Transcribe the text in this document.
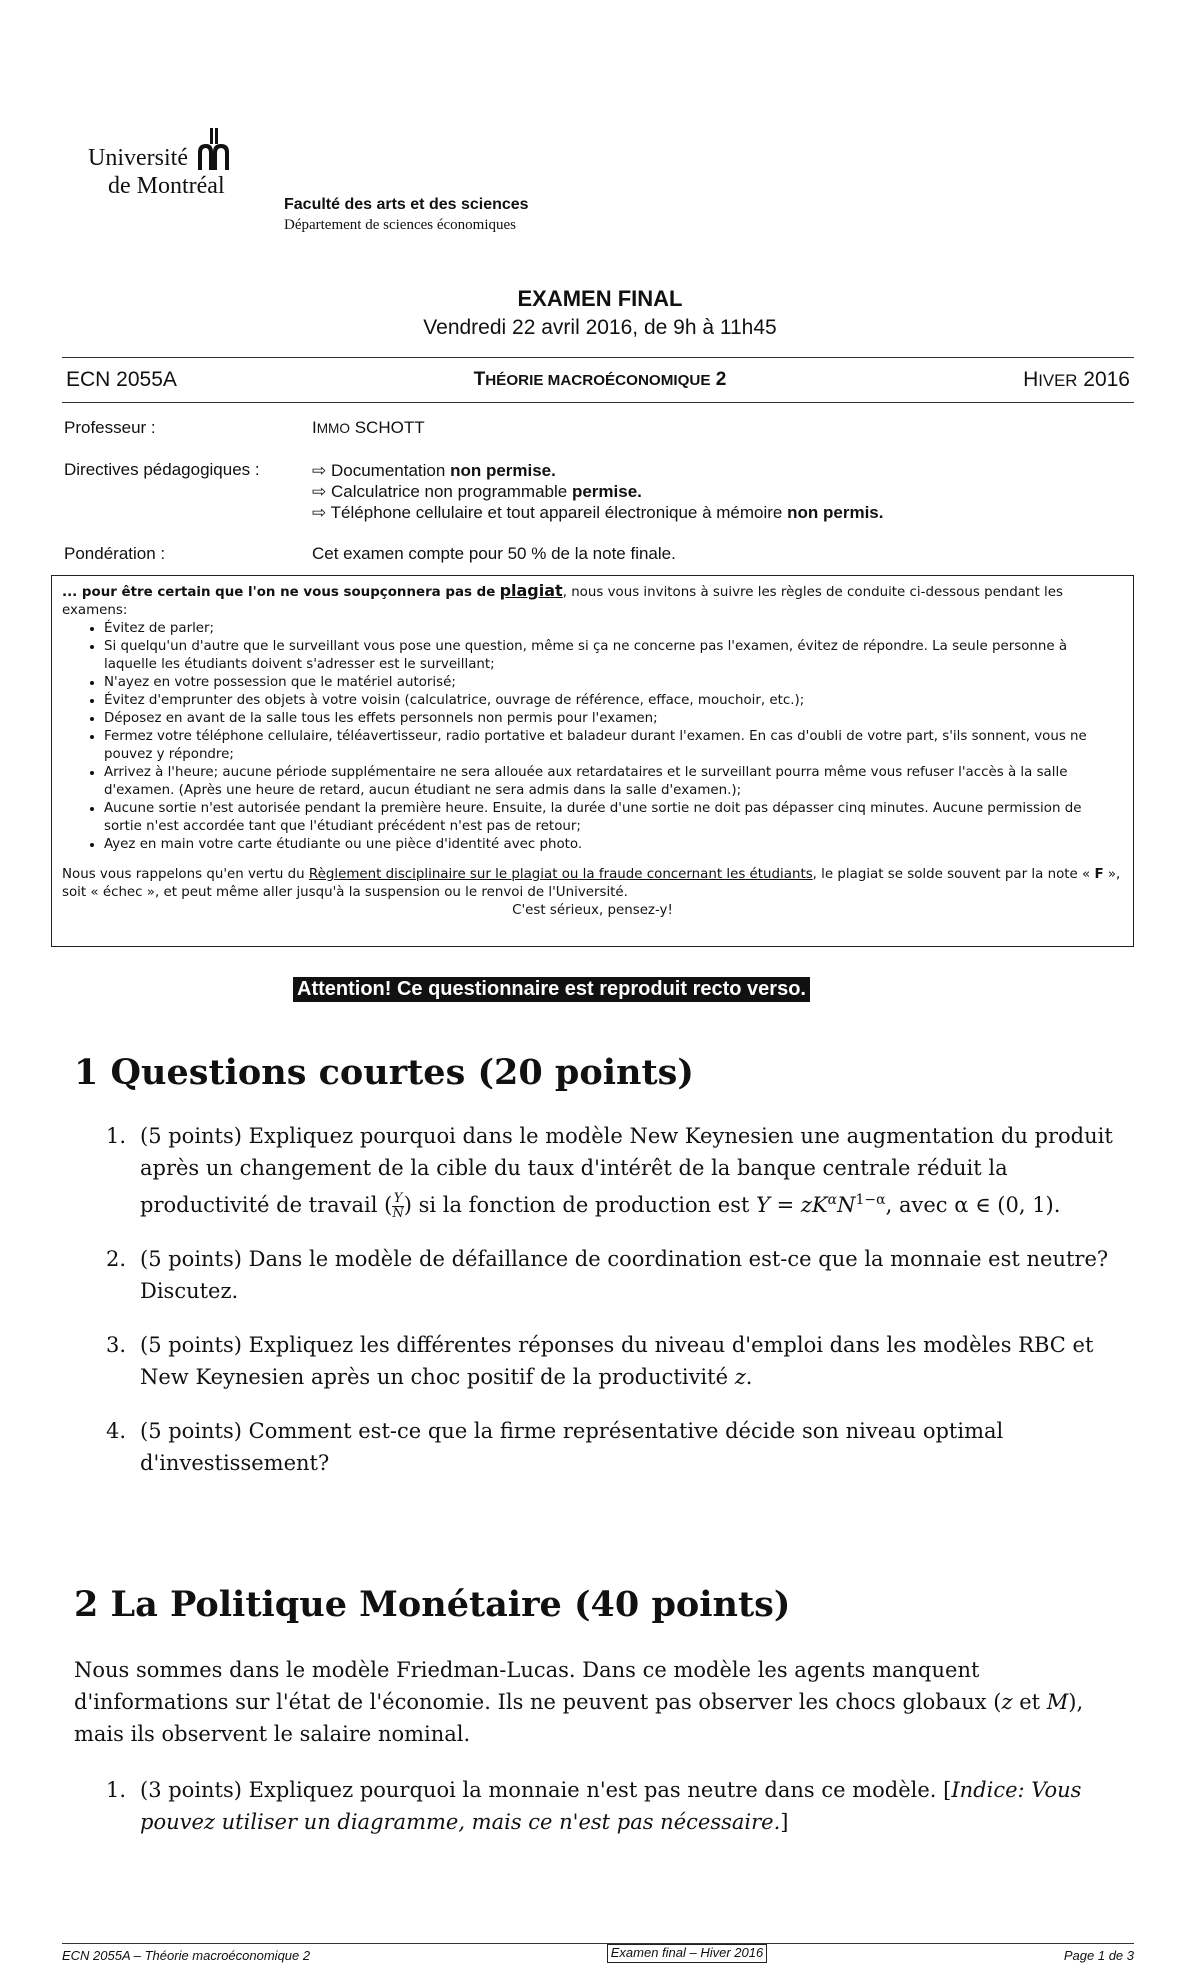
Université
de Montréal
Faculté des arts et des sciences
Département de sciences économiques
EXAMEN FINAL
Vendredi 22 avril 2016, de 9h à 11h45
ECN 2055A	THÉORIE MACROÉCONOMIQUE 2	HIVER 2016
Professeur :	IMMO SCHOTT
Directives pédagogiques :	⇨ Documentation non permise.
⇨ Calculatrice non programmable permise.
⇨ Téléphone cellulaire et tout appareil électronique à mémoire non permis.
Pondération :	Cet examen compte pour 50 % de la note finale.
... pour être certain que l'on ne vous soupçonnera pas de plagiat, nous vous invitons à suivre les règles de conduite ci-dessous pendant les examens:
• Évitez de parler;
• Si quelqu'un d'autre que le surveillant vous pose une question, même si ça ne concerne pas l'examen, évitez de répondre. La seule personne à laquelle les étudiants doivent s'adresser est le surveillant;
• N'ayez en votre possession que le matériel autorisé;
• Évitez d'emprunter des objets à votre voisin (calculatrice, ouvrage de référence, efface, mouchoir, etc.);
• Déposez en avant de la salle tous les effets personnels non permis pour l'examen;
• Fermez votre téléphone cellulaire, téléavertisseur, radio portative et baladeur durant l'examen. En cas d'oubli de votre part, s'ils sonnent, vous ne pouvez y répondre;
• Arrivez à l'heure; aucune période supplémentaire ne sera allouée aux retardataires et le surveillant pourra même vous refuser l'accès à la salle d'examen. (Après une heure de retard, aucun étudiant ne sera admis dans la salle d'examen.);
• Aucune sortie n'est autorisée pendant la première heure. Ensuite, la durée d'une sortie ne doit pas dépasser cinq minutes. Aucune permission de sortie n'est accordée tant que l'étudiant précédent n'est pas de retour;
• Ayez en main votre carte étudiante ou une pièce d'identité avec photo.
Nous vous rappelons qu'en vertu du Règlement disciplinaire sur le plagiat ou la fraude concernant les étudiants, le plagiat se solde souvent par la note « F », soit « échec », et peut même aller jusqu'à la suspension ou le renvoi de l'Université.
C'est sérieux, pensez-y!
Attention! Ce questionnaire est reproduit recto verso.
1 Questions courtes (20 points)
1. (5 points) Expliquez pourquoi dans le modèle New Keynesien une augmentation du produit après un changement de la cible du taux d'intérêt de la banque centrale réduit la productivité de travail ( $\frac{Y}{N}$ ) si la fonction de production est $Y = zK^\alpha N^{1-\alpha}$, avec α ∈ (0, 1).
2. (5 points) Dans le modèle de défaillance de coordination est-ce que la monnaie est neutre? Discutez.
3. (5 points) Expliquez les différentes réponses du niveau d'emploi dans les modèles RBC et New Keynesien après un choc positif de la productivité z.
4. (5 points) Comment est-ce que la firme représentative décide son niveau optimal d'investissement?
2 La Politique Monétaire (40 points)
Nous sommes dans le modèle Friedman-Lucas. Dans ce modèle les agents manquent d'informations sur l'état de l'économie. Ils ne peuvent pas observer les chocs globaux (z et M), mais ils observent le salaire nominal.
1. (3 points) Expliquez pourquoi la monnaie n'est pas neutre dans ce modèle. [Indice: Vous pouvez utiliser un diagramme, mais ce n'est pas nécessaire.]
ECN 2055A – Théorie macroéconomique 2	Examen final – Hiver 2016	Page 1 de 3
